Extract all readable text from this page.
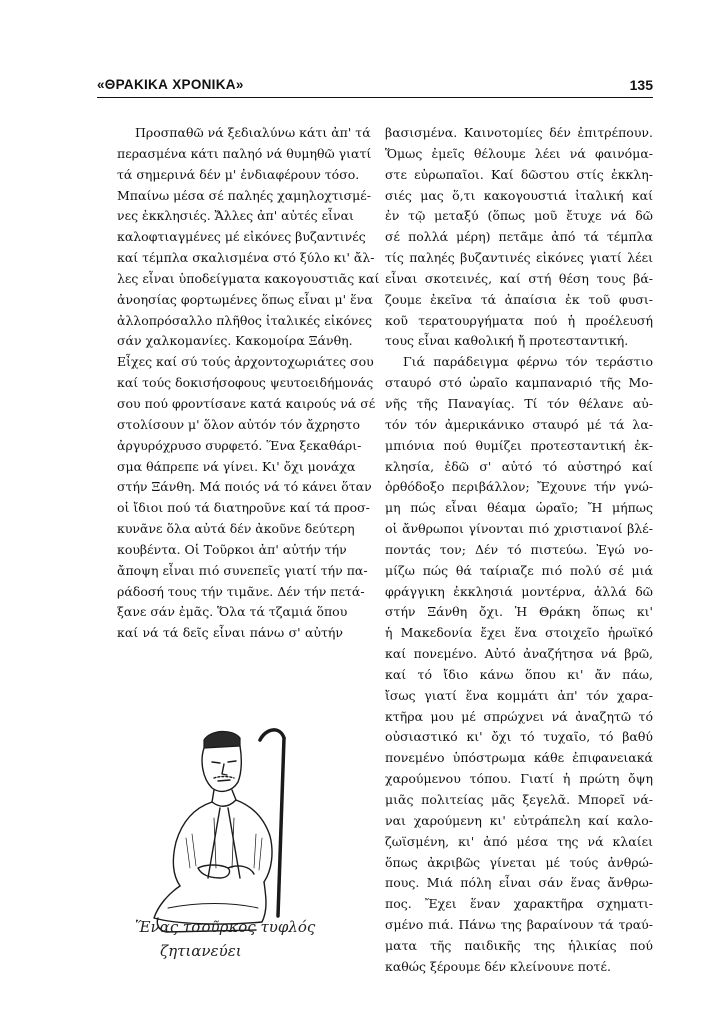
«ΘΡΑΚΙΚΑ ΧΡΟΝΙΚΑ»	135
Προσπαθῶ νά ξεδιαλύνω κάτι ἀπ' τά
περασμένα κάτι παληό νά θυμηθῶ γιατί
τά σημερινά δέν μ' ἐνδιαφέρουν τόσο.
Μπαίνω μέσα σέ παληές χαμηλοχτισμέ-
νες ἐκκλησιές. Ἄλλες ἀπ' αὐτές εἶναι
καλοφτιαγμένες μέ εἰκόνες βυζαντινές
καί τέμπλα σκαλισμένα στό ξύλο κι' ἄλ-
λες εἶναι ὑποδείγματα κακογουστιᾶς καί
ἀνοησίας φορτωμένες ὅπως εἶναι μ' ἕνα
ἀλλοπρόσαλλο πλῆθος ἰταλικές εἰκόνες
σάν χαλκομανίες. Κακομοίρα Ξάνθη.
Εἶχες καί σύ τούς ἀρχοντοχωριάτες σου
καί τούς δοκισήσοφους ψευτοειδήμονάς
σου πού φροντίσανε κατά καιρούς νά σέ
στολίσουν μ' ὅλον αὐτόν τόν ἄχρηστο
ἀργυρόχρυσο συρφετό. Ἕνα ξεκαθάρι-
σμα θάπρεπε νά γίνει. Κι' ὄχι μονάχα
στήν Ξάνθη. Μά ποιός νά τό κάνει ὅταν
οἱ ἴδιοι πού τά διατηροῦνε καί τά προσ-
κυνᾶνε ὅλα αὐτά δέν ἀκοῦνε δεύτερη
κουβέντα. Οἱ Τοῦρκοι ἀπ' αὐτήν τήν
ἄποψη εἶναι πιό συνεπεῖς γιατί τήν πα-
ράδοσή τους τήν τιμᾶνε. Δέν τήν πετά-
ξανε σάν ἐμᾶς. Ὅλα τά τζαμιά ὅπου
καί νά τά δεῖς εἶναι πάνω σ' αὐτήν
βασισμένα. Καινοτομίες δέν ἐπιτρέπουν.
Ὅμως ἐμεῖς θέλουμε λέει νά φαινόμα-
στε εὐρωπαῖοι. Καί δῶστου στίς ἐκκλη-
σιές μας ὅ,τι κακογουστιά ἰταλική καί
ἐν τῷ μεταξύ (ὅπως μοῦ ἔτυχε νά δῶ
σέ πολλά μέρη) πετᾶμε ἀπό τά τέμπλα
τίς παληές βυζαντινές εἰκόνες γιατί λέει
εἶναι σκοτεινές, καί στή θέση τους βά-
ζουμε ἐκεῖνα τά ἀπαίσια ἐκ τοῦ φυσι-
κοῦ τερατουργήματα πού ἡ προέλευσή
τους εἶναι καθολική ἤ προτεσταντική.
Γιά παράδειγμα φέρνω τόν τεράστιο
σταυρό στό ὡραῖο καμπαναριό τῆς Μο-
νῆς τῆς Παναγίας. Τί τόν θέλανε αὐ-
τόν τόν ἀμερικάνικο σταυρό μέ τά λα-
μπιόνια πού θυμίζει προτεσταντική ἐκ-
κλησία, ἐδῶ σ' αὐτό τό αὐστηρό καί
ὀρθόδοξο περιβάλλον; Ἔχουνε τήν γνώ-
μη πώς εἶναι θέαμα ὡραῖο; Ἤ μήπως
οἱ ἄνθρωποι γίνονται πιό χριστιανοί βλέ-
ποντάς τον; Δέν τό πιστεύω. Ἐγώ νο-
μίζω πώς θά ταίριαζε πιό πολύ σέ μιά
φράγγικη ἐκκλησιά μοντέρνα, ἀλλά δῶ
στήν Ξάνθη ὄχι. Ἡ Θράκη ὅπως κι'
ἡ Μακεδονία ἔχει ἕνα στοιχεῖο ἡρωϊκό
καί πονεμένο. Αὐτό ἀναζήτησα νά βρῶ,
καί τό ἴδιο κάνω ὅπου κι' ἄν πάω,
ἴσως γιατί ἕνα κομμάτι ἀπ' τόν χαρα-
κτῆρα μου μέ σπρώχνει νά ἀναζητῶ τό
οὐσιαστικό κι' ὄχι τό τυχαῖο, τό βαθύ
πονεμένο ὑπόστρωμα κάθε ἐπιφανειακά
χαρούμενου τόπου. Γιατί ἡ πρώτη ὄψη
μιᾶς πολιτείας μᾶς ξεγελᾶ. Μπορεῖ νά-
ναι χαρούμενη κι' εὐτράπελη καί καλο-
ζωϊσμένη, κι' ἀπό μέσα της νά κλαίει
ὅπως ἀκριβῶς γίνεται μέ τούς ἀνθρώ-
πους. Μιά πόλη εἶναι σάν ἕνας ἄνθρω-
πος. Ἔχει ἕναν χαρακτῆρα σχηματι-
σμένο πιά. Πάνω της βαραίνουν τά τραύ-
ματα τῆς παιδικῆς της ἡλικίας πού
καθώς ξέρουμε δέν κλείνουνε ποτέ.
Ἕνας τσοῦρκος τυφλός
ζητιανεύει
